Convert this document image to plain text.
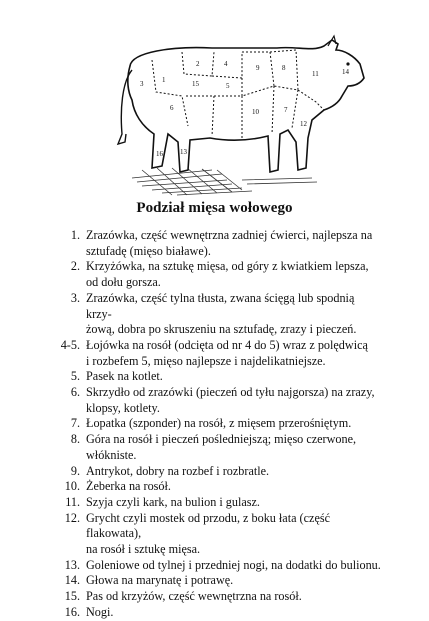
1
2
3
4
5
6	7
8
9
10
11
12
13
14
15
16
Podział mięsa wołowego
1. Zrazówka, część wewnętrzna zadniej ćwierci, najlepsza na
sztufadę (mięso białawe).
2. Krzyżówka, na sztukę mięsa, od góry z kwiatkiem lepsza,
od dołu gorsza.
3. Zrazówka, część tylna tłusta, zwana ścięgą lub spodnią krzy-
żową, dobra po skruszeniu na sztufadę, zrazy i pieczeń.
4-5. Łojówka na rosół (odcięta od nr 4 do 5) wraz z polędwicą
i rozbefem 5, mięso najlepsze i najdelikatniejsze.
5. Pasek na kotlet.
6. Skrzydło od zrazówki (pieczeń od tyłu najgorsza) na zrazy,
klopsy, kotlety.
7. Łopatka (szponder) na rosół, z mięsem przerośniętym.
8. Góra na rosół i pieczeń pośledniejszą; mięso czerwone,
włókniste.
9. Antrykot, dobry na rozbef i rozbratle.
10. Żeberka na rosół.
11. Szyja czyli kark, na bulion i gulasz.
12. Grycht czyli mostek od przodu, z boku łata (część flakowata),
na rosół i sztukę mięsa.
13. Goleniowe od tylnej i przedniej nogi, na dodatki do bulionu.
14. Głowa na marynatę i potrawę.
15. Pas od krzyżów, część wewnętrzna na rosół.
16. Nogi.
